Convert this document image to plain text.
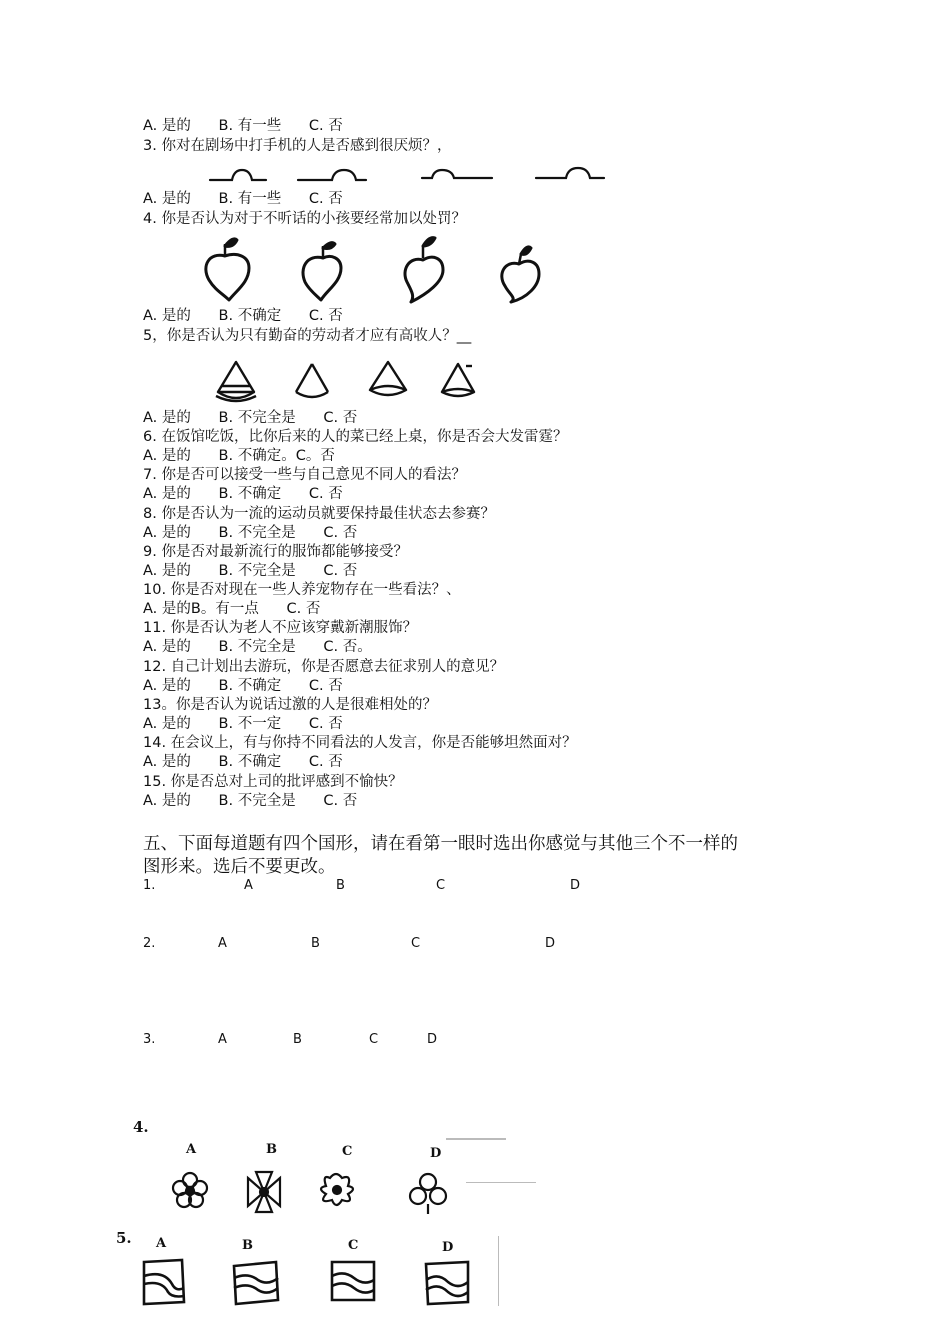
A. 是的      B. 有一些      C. 否
3. 你对在剧场中打手机的人是否感到很厌烦？，
A. 是的      B. 有一些      C. 否
4. 你是否认为对于不听话的小孩要经常加以处罚？
A. 是的      B. 不确定      C. 否
5，你是否认为只有勤奋的劳动者才应有高收人？__
A. 是的      B. 不完全是      C. 否
6. 在饭馆吃饭，比你后来的人的菜已经上桌，你是否会大发雷霆？
A. 是的      B. 不确定。C。否
7. 你是否可以接受一些与自己意见不同人的看法？
A. 是的      B. 不确定      C. 否
8. 你是否认为一流的运动员就要保持最佳状态去参赛？
A. 是的      B. 不完全是      C. 否
9. 你是否对最新流行的服饰都能够接受？
A. 是的      B. 不完全是      C. 否
10. 你是否对现在一些人养宠物存在一些看法？、
A. 是的B。有一点      C. 否
11. 你是否认为老人不应该穿戴新潮服饰？
A. 是的      B. 不完全是      C. 否。
12. 自己计划出去游玩，你是否愿意去征求别人的意见？
A. 是的      B. 不确定      C. 否
13。你是否认为说话过激的人是很难相处的？
A. 是的      B. 不一定      C. 否
14. 在会议上，有与你持不同看法的人发言，你是否能够坦然面对？
A. 是的      B. 不确定      C. 否
15. 你是否总对上司的批评感到不愉快？
A. 是的      B. 不完全是      C. 否
五、下面每道题有四个国形，请在看第一眼时选出你感觉与其他三个不一样的
图形来。选后不要更改。
1.	A	B	C	D
2.	A	B	C	D
3.	A	B	C	D
4.
A	B	C	D
5. A	B	C	D
